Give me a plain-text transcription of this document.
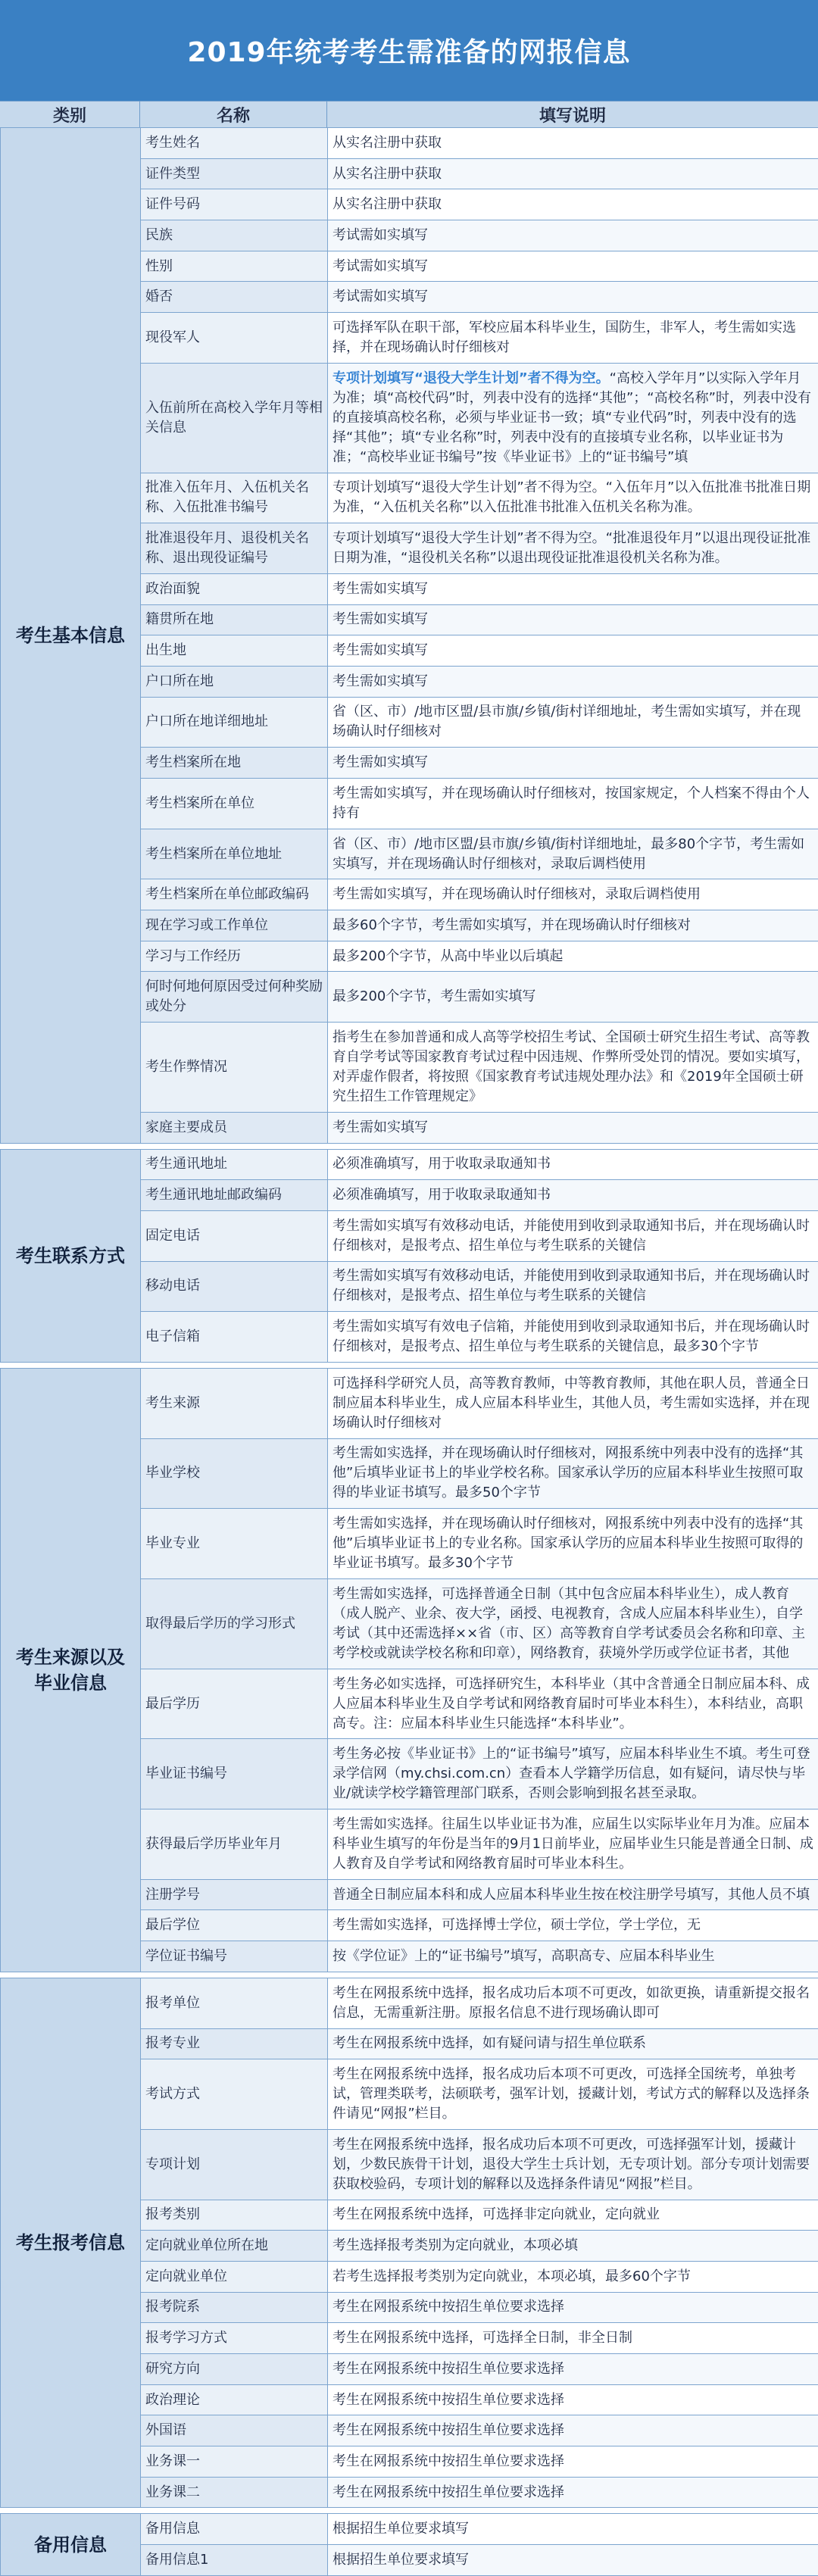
2019年统考考生需准备的网报信息
类别	名称	填写说明
考生基本信息	考生姓名	从实名注册中获取
	证件类型	从实名注册中获取
	证件号码	从实名注册中获取
	民族	考试需如实填写
	性别	考试需如实填写
	婚否	考试需如实填写
	现役军人	可选择军队在职干部，军校应届本科毕业生，国防生，非军人，考生需如实选择，并在现场确认时仔细核对
	入伍前所在高校入学年月等相关信息	专项计划填写“退役大学生计划”者不得为空。“高校入学年月”以实际入学年月为准；填“高校代码”时，列表中没有的选择“其他”；“高校名称”时，列表中没有的直接填高校名称，必须与毕业证书一致；填“专业代码”时，列表中没有的选择“其他”；填“专业名称”时，列表中没有的直接填专业名称，以毕业证书为准；“高校毕业证书编号”按《毕业证书》上的“证书编号”填
	批准入伍年月、入伍机关名称、入伍批准书编号	专项计划填写“退役大学生计划”者不得为空。“入伍年月”以入伍批准书批准日期为准，“入伍机关名称”以入伍批准书批准入伍机关名称为准。
	批准退役年月、退役机关名称、退出现役证编号	专项计划填写“退役大学生计划”者不得为空。“批准退役年月”以退出现役证批准日期为准，“退役机关名称”以退出现役证批准退役机关名称为准。
	政治面貌	考生需如实填写
	籍贯所在地	考生需如实填写
	出生地	考生需如实填写
	户口所在地	考生需如实填写
	户口所在地详细地址	省（区、市）/地市区盟/县市旗/乡镇/街村详细地址，考生需如实填写，并在现场确认时仔细核对
	考生档案所在地	考生需如实填写
	考生档案所在单位	考生需如实填写，并在现场确认时仔细核对，按国家规定，个人档案不得由个人持有
	考生档案所在单位地址	省（区、市）/地市区盟/县市旗/乡镇/街村详细地址，最多80个字节，考生需如实填写，并在现场确认时仔细核对，录取后调档使用
	考生档案所在单位邮政编码	考生需如实填写，并在现场确认时仔细核对，录取后调档使用
	现在学习或工作单位	最多60个字节，考生需如实填写，并在现场确认时仔细核对
	学习与工作经历	最多200个字节，从高中毕业以后填起
	何时何地何原因受过何种奖励或处分	最多200个字节，考生需如实填写
	考生作弊情况	指考生在参加普通和成人高等学校招生考试、全国硕士研究生招生考试、高等教育自学考试等国家教育考试过程中因违规、作弊所受处罚的情况。要如实填写，对弄虚作假者，将按照《国家教育考试违规处理办法》和《2019年全国硕士研究生招生工作管理规定》
	家庭主要成员	考生需如实填写

考生联系方式	考生通讯地址	必须准确填写，用于收取录取通知书
	考生通讯地址邮政编码	必须准确填写，用于收取录取通知书
	固定电话	考生需如实填写有效移动电话，并能使用到收到录取通知书后，并在现场确认时仔细核对，是报考点、招生单位与考生联系的关键信
	移动电话	考生需如实填写有效移动电话，并能使用到收到录取通知书后，并在现场确认时仔细核对，是报考点、招生单位与考生联系的关键信
	电子信箱	考生需如实填写有效电子信箱，并能使用到收到录取通知书后，并在现场确认时仔细核对，是报考点、招生单位与考生联系的关键信息，最多30个字节

考生来源以及毕业信息	考生来源	可选择科学研究人员，高等教育教师，中等教育教师，其他在职人员，普通全日制应届本科毕业生，成人应届本科毕业生，其他人员，考生需如实选择，并在现场确认时仔细核对
	毕业学校	考生需如实选择，并在现场确认时仔细核对，网报系统中列表中没有的选择“其他”后填毕业证书上的毕业学校名称。国家承认学历的应届本科毕业生按照可取得的毕业证书填写。最多50个字节
	毕业专业	考生需如实选择，并在现场确认时仔细核对，网报系统中列表中没有的选择“其他”后填毕业证书上的专业名称。国家承认学历的应届本科毕业生按照可取得的毕业证书填写。最多30个字节
	取得最后学历的学习形式	考生需如实选择，可选择普通全日制（其中包含应届本科毕业生），成人教育（成人脱产、业余、夜大学，函授、电视教育，含成人应届本科毕业生），自学考试（其中还需选择××省（市、区）高等教育自学考试委员会名称和印章、主考学校或就读学校名称和印章），网络教育，获境外学历或学位证书者，其他
	最后学历	考生务必如实选择，可选择研究生，本科毕业（其中含普通全日制应届本科、成人应届本科毕业生及自学考试和网络教育届时可毕业本科生），本科结业，高职高专。注：应届本科毕业生只能选择“本科毕业”。
	毕业证书编号	考生务必按《毕业证书》上的“证书编号”填写，应届本科毕业生不填。考生可登录学信网（my.chsi.com.cn）查看本人学籍学历信息，如有疑问，请尽快与毕业/就读学校学籍管理部门联系，否则会影响到报名甚至录取。
	获得最后学历毕业年月	考生需如实选择。往届生以毕业证书为准，应届生以实际毕业年月为准。应届本科毕业生填写的年份是当年的9月1日前毕业，应届毕业生只能是普通全日制、成人教育及自学考试和网络教育届时可毕业本科生。
	注册学号	普通全日制应届本科和成人应届本科毕业生按在校注册学号填写，其他人员不填
	最后学位	考生需如实选择，可选择博士学位，硕士学位，学士学位，无
	学位证书编号	按《学位证》上的“证书编号”填写，高职高专、应届本科毕业生

考生报考信息	报考单位	考生在网报系统中选择，报名成功后本项不可更改，如欲更换，请重新提交报名信息，无需重新注册。原报名信息不进行现场确认即可
	报考专业	考生在网报系统中选择，如有疑问请与招生单位联系
	考试方式	考生在网报系统中选择，报名成功后本项不可更改，可选择全国统考，单独考试，管理类联考，法硕联考，强军计划，援藏计划，考试方式的解释以及选择条件请见“网报”栏目。
	专项计划	考生在网报系统中选择，报名成功后本项不可更改，可选择强军计划，援藏计划，少数民族骨干计划，退役大学生士兵计划，无专项计划。部分专项计划需要获取校验码，专项计划的解释以及选择条件请见“网报”栏目。
	报考类别	考生在网报系统中选择，可选择非定向就业，定向就业
	定向就业单位所在地	考生选择报考类别为定向就业，本项必填
	定向就业单位	若考生选择报考类别为定向就业，本项必填，最多60个字节
	报考院系	考生在网报系统中按招生单位要求选择
	报考学习方式	考生在网报系统中选择，可选择全日制，非全日制
	研究方向	考生在网报系统中按招生单位要求选择
	政治理论	考生在网报系统中按招生单位要求选择
	外国语	考生在网报系统中按招生单位要求选择
	业务课一	考生在网报系统中按招生单位要求选择
	业务课二	考生在网报系统中按招生单位要求选择

备用信息	备用信息	根据招生单位要求填写
	备用信息1	根据招生单位要求填写
